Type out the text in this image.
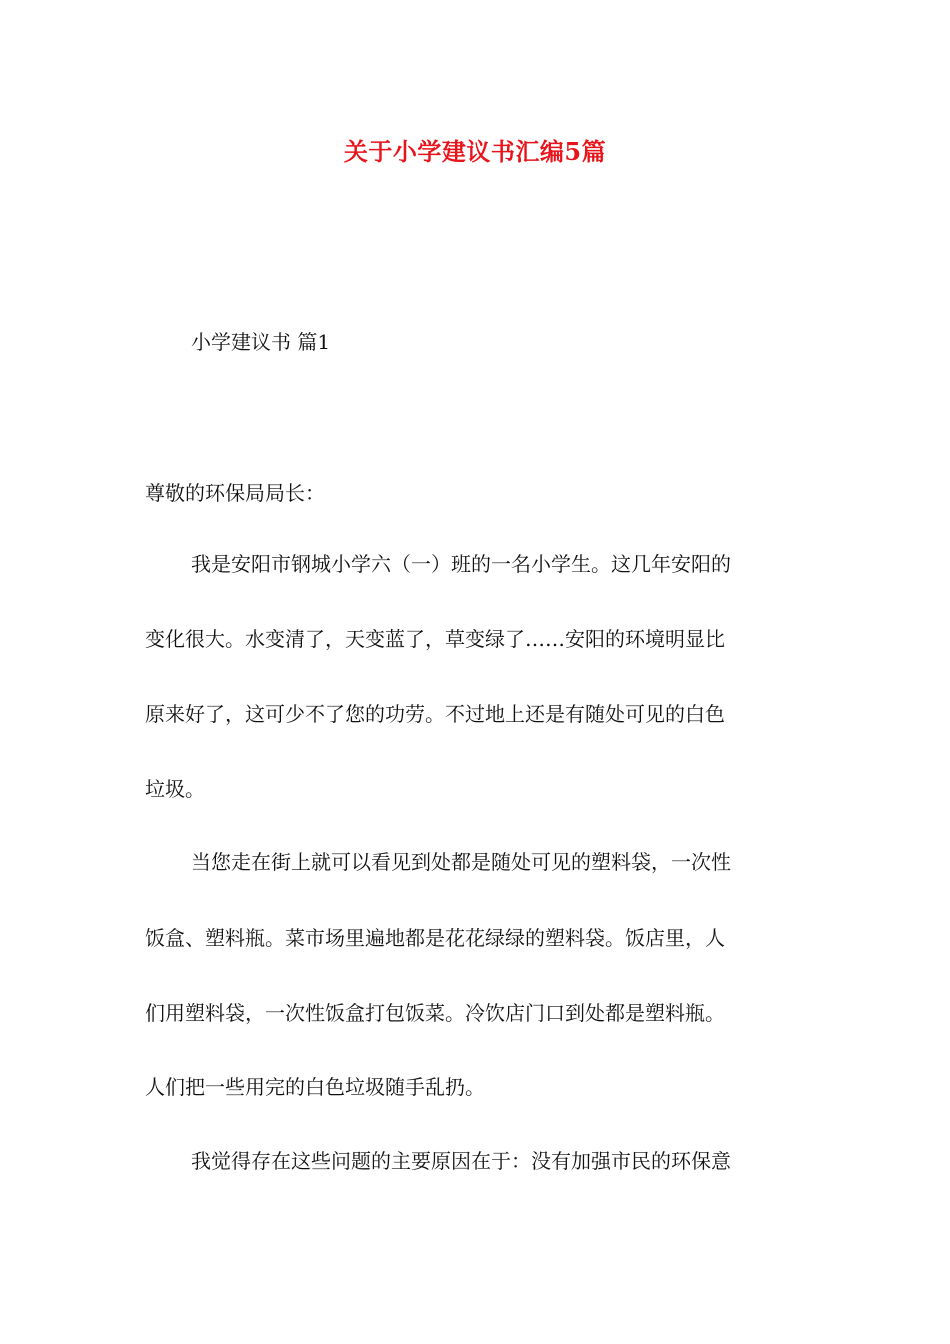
关于小学建议书汇编5篇
小学建议书 篇1
尊敬的环保局局长：
我是安阳市钢城小学六（一）班的一名小学生。这几年安阳的
变化很大。水变清了，天变蓝了，草变绿了……安阳的环境明显比
原来好了，这可少不了您的功劳。不过地上还是有随处可见的白色
垃圾。
当您走在街上就可以看见到处都是随处可见的塑料袋，一次性
饭盒、塑料瓶。菜市场里遍地都是花花绿绿的塑料袋。饭店里，人
们用塑料袋，一次性饭盒打包饭菜。冷饮店门口到处都是塑料瓶。
人们把一些用完的白色垃圾随手乱扔。
我觉得存在这些问题的主要原因在于：没有加强市民的环保意
